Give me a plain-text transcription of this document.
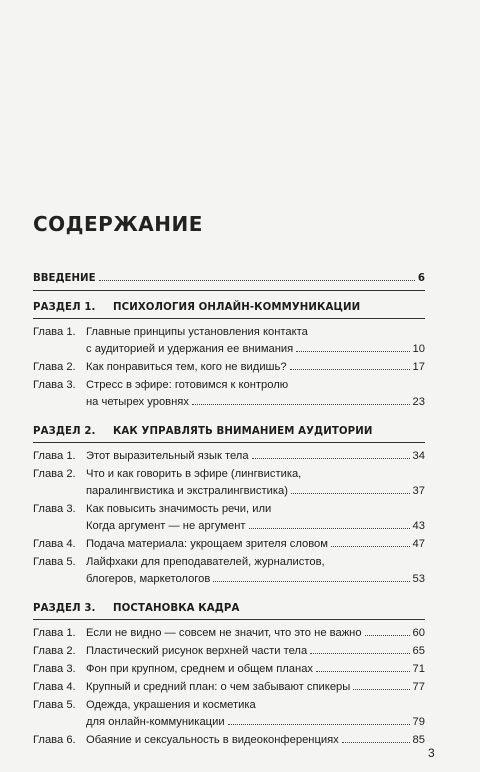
СОДЕРЖАНИЕ
ВВЕДЕНИЕ	6
РАЗДЕЛ 1.	ПСИХОЛОГИЯ ОНЛАЙН-КОММУНИКАЦИИ
Глава 1. Главные принципы установления контакта
с аудиторией и удержания ее внимания	10
Глава 2. Как понравиться тем, кого не видишь?	17
Глава 3. Стресс в эфире: готовимся к контролю
на четырех уровнях	23
РАЗДЕЛ 2.	КАК УПРАВЛЯТЬ ВНИМАНИЕМ АУДИТОРИИ
Глава 1. Этот выразительный язык тела	34
Глава 2. Что и как говорить в эфире (лингвистика,
паралингвистика и экстралингвистика)	37
Глава 3. Как повысить значимость речи, или
Когда аргумент — не аргумент	43
Глава 4. Подача материала: укрощаем зрителя словом	47
Глава 5. Лайфхаки для преподавателей, журналистов,
блогеров, маркетологов	53
РАЗДЕЛ 3.	ПОСТАНОВКА КАДРА
Глава 1. Если не видно — совсем не значит, что это не важно	60
Глава 2. Пластический рисунок верхней части тела	65
Глава 3. Фон при крупном, среднем и общем планах	71
Глава 4. Крупный и средний план: о чем забывают спикеры	77
Глава 5. Одежда, украшения и косметика
для онлайн-коммуникации	79
Глава 6. Обаяние и сексуальность в видеоконференциях	85
3
